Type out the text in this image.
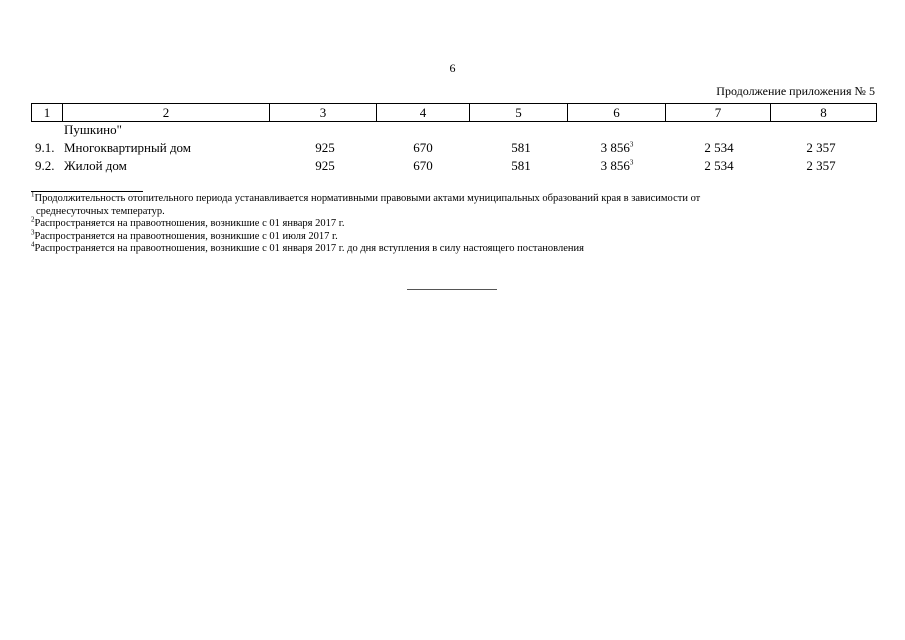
6
Продолжение приложения № 5
1	2	3	4	5	6	7	8
Пушкино"
9.1. Многоквартирный дом	925	670	581	3 $856^3$	2 534	2 357
9.2. Жилой дом	925	670	581	3 $856^3$	2 534	2 357
$^1$Продолжительность отопительного периода устанавливается нормативными правовыми актами муниципальных образований края в зависимости от
среднесуточных температур.
$^2$Распространяется на правоотношения, возникшие с 01 января 2017 г.
$^3$Распространяется на правоотношения, возникшие с 01 июля 2017 г.
$^4$Распространяется на правоотношения, возникшие с 01 января 2017 г. до дня вступления в силу настоящего постановления
